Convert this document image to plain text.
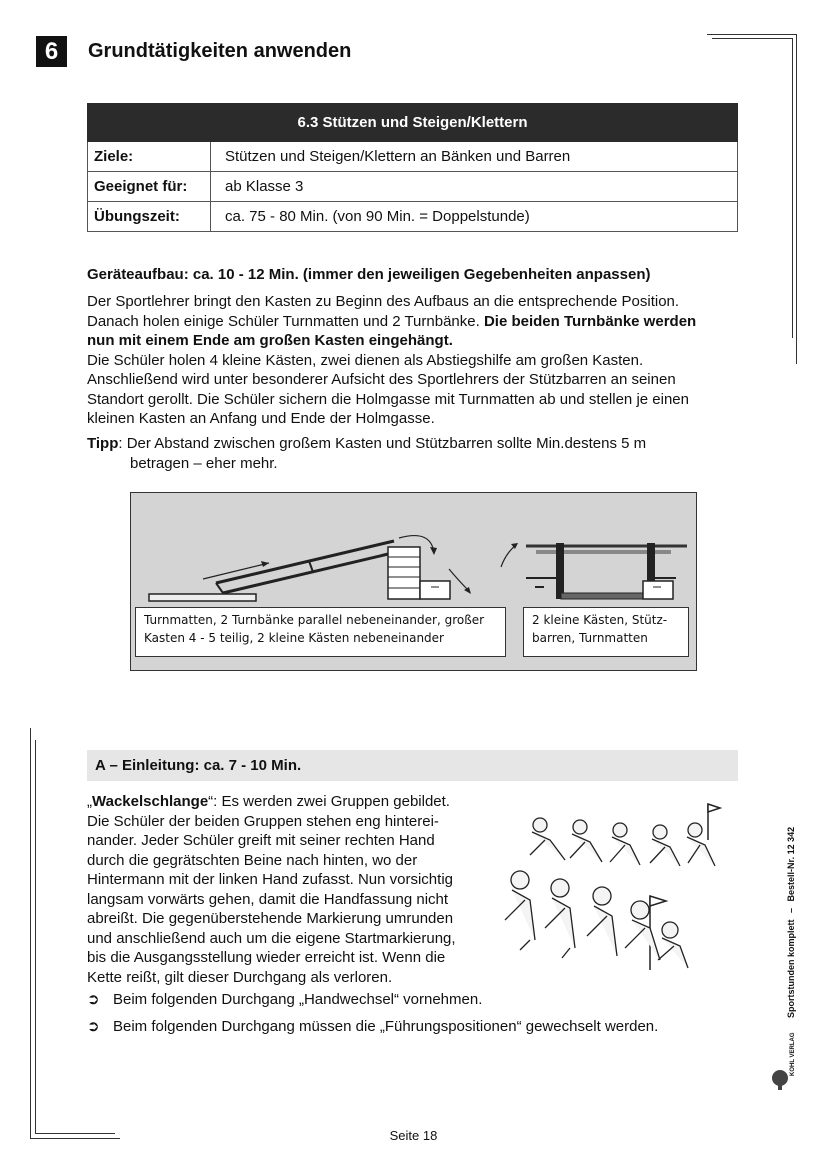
6	Grundtätigkeiten anwenden
6.3 Stützen und Steigen/Klettern	
Ziele:	Stützen und Steigen/Klettern an Bänken und Barren
Geeignet für:	ab Klasse 3
Übungszeit:	ca. 75 - 80 Min. (von 90 Min. = Doppelstunde)
Geräteaufbau: ca. 10 - 12 Min. (immer den jeweiligen Gegebenheiten anpassen)
Der Sportlehrer bringt den Kasten zu Beginn des Aufbaus an die entsprechende Position.
Danach holen einige Schüler Turnmatten und 2 Turnbänke. Die beiden Turnbänke werden
nun mit einem Ende am großen Kasten eingehängt.
Die Schüler holen 4 kleine Kästen, zwei dienen als Abstiegshilfe am großen Kasten.
Anschließend wird unter besonderer Aufsicht des Sportlehrers der Stützbarren an seinen
Standort gerollt. Die Schüler sichern die Holmgasse mit Turnmatten ab und stellen je einen
kleinen Kasten an Anfang und Ende der Holmgasse.
Tipp: Der Abstand zwischen großem Kasten und Stützbarren sollte Min.destens 5 m
betragen – eher mehr.
Turnmatten, 2 Turnbänke parallel nebeneinander, großer
Kasten 4 - 5 teilig, 2 kleine Kästen nebeneinander
2 kleine Kästen, Stütz-
barren, Turnmatten
A – Einleitung: ca. 7 - 10 Min.
„Wackelschlange“: Es werden zwei Gruppen gebildet.
Die Schüler der beiden Gruppen stehen eng hinterei-
nander. Jeder Schüler greift mit seiner rechten Hand
durch die gegrätschten Beine nach hinten, wo der
Hintermann mit der linken Hand zufasst. Nun vorsichtig
langsam vorwärts gehen, damit die Handfassung nicht
abreißt. Die gegenüberstehende Markierung umrunden
und anschließend auch um die eigene Startmarkierung,
bis die Ausgangsstellung wieder erreicht ist. Wenn die
Kette reißt, gilt dieser Durchgang als verloren.
➲ Beim folgenden Durchgang „Handwechsel“ vornehmen.
➲ Beim folgenden Durchgang müssen die „Führungspositionen“ gewechselt werden.
Sportstunden komplett – Bestell-Nr. 12 342
KOHL VERLAG
Seite 18
